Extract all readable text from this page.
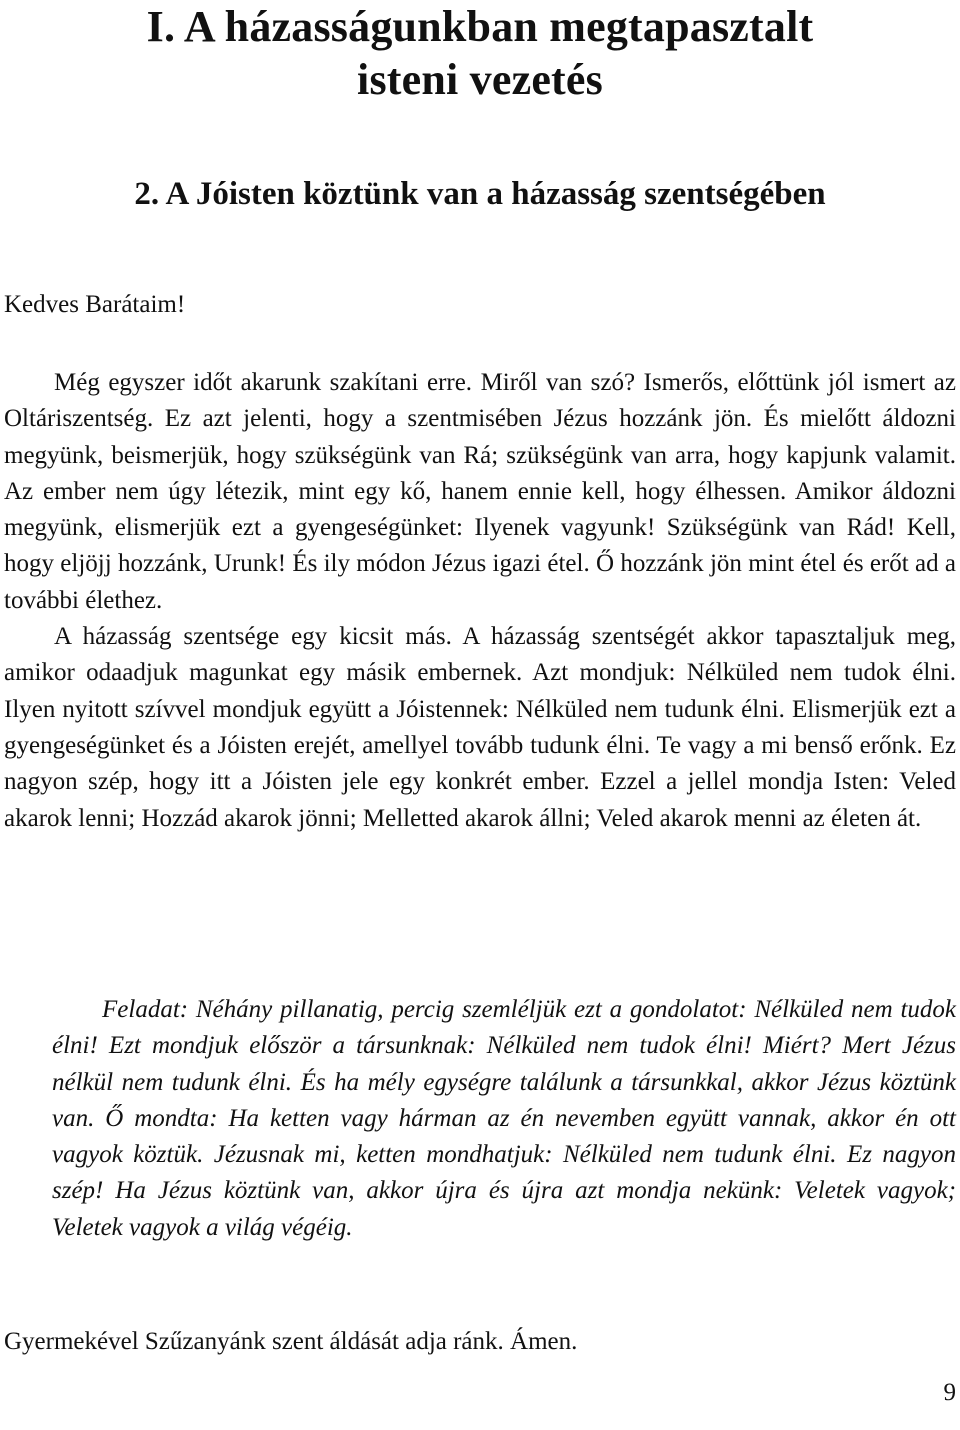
I. A házasságunkban megtapasztalt
isteni vezetés
2. A Jóisten köztünk van a házasság szentségében

Kedves Barátaim!

Még egyszer időt akarunk szakítani erre. Miről van szó? Ismerős, előttünk jól ismert az Oltáriszentség. Ez azt jelenti, hogy a szentmisében Jézus hozzánk jön. És mielőtt áldozni megyünk, beismerjük, hogy szükségünk van Rá; szükségünk van arra, hogy kapjunk valamit. Az ember nem úgy létezik, mint egy kő, hanem ennie kell, hogy élhessen. Amikor áldozni megyünk, elismerjük ezt a gyengeségünket: Ilyenek vagyunk! Szükségünk van Rád! Kell, hogy eljöjj hozzánk, Urunk! És ily módon Jézus igazi étel. Ő hozzánk jön mint étel és erőt ad a további élethez.

A házasság szentsége egy kicsit más. A házasság szentségét akkor tapasztaljuk meg, amikor odaadjuk magunkat egy másik embernek. Azt mondjuk: Nélküled nem tudok élni. Ilyen nyitott szívvel mondjuk együtt a Jóistennek: Nélküled nem tudunk élni. Elismerjük ezt a gyengeségünket és a Jóisten erejét, amellyel tovább tudunk élni. Te vagy a mi benső erőnk. Ez nagyon szép, hogy itt a Jóisten jele egy konkrét ember. Ezzel a jellel mondja Isten: Veled akarok lenni; Hozzád akarok jönni; Melletted akarok állni; Veled akarok menni az életen át.

Feladat: Néhány pillanatig, percig szemléljük ezt a gondolatot: Nélküled nem tudok élni! Ezt mondjuk először a társunknak: Nélküled nem tudok élni! Miért? Mert Jézus nélkül nem tudunk élni. És ha mély egységre találunk a társunkkal, akkor Jézus köztünk van. Ő mondta: Ha ketten vagy hárman az én nevemben együtt vannak, akkor én ott vagyok köztük. Jézusnak mi, ketten mondhatjuk: Nélküled nem tudunk élni. Ez nagyon szép! Ha Jézus köztünk van, akkor újra és újra azt mondja nekünk: Veletek vagyok; Veletek vagyok a világ végéig.

Gyermekével Szűzanyánk szent áldását adja ránk. Ámen.

9
